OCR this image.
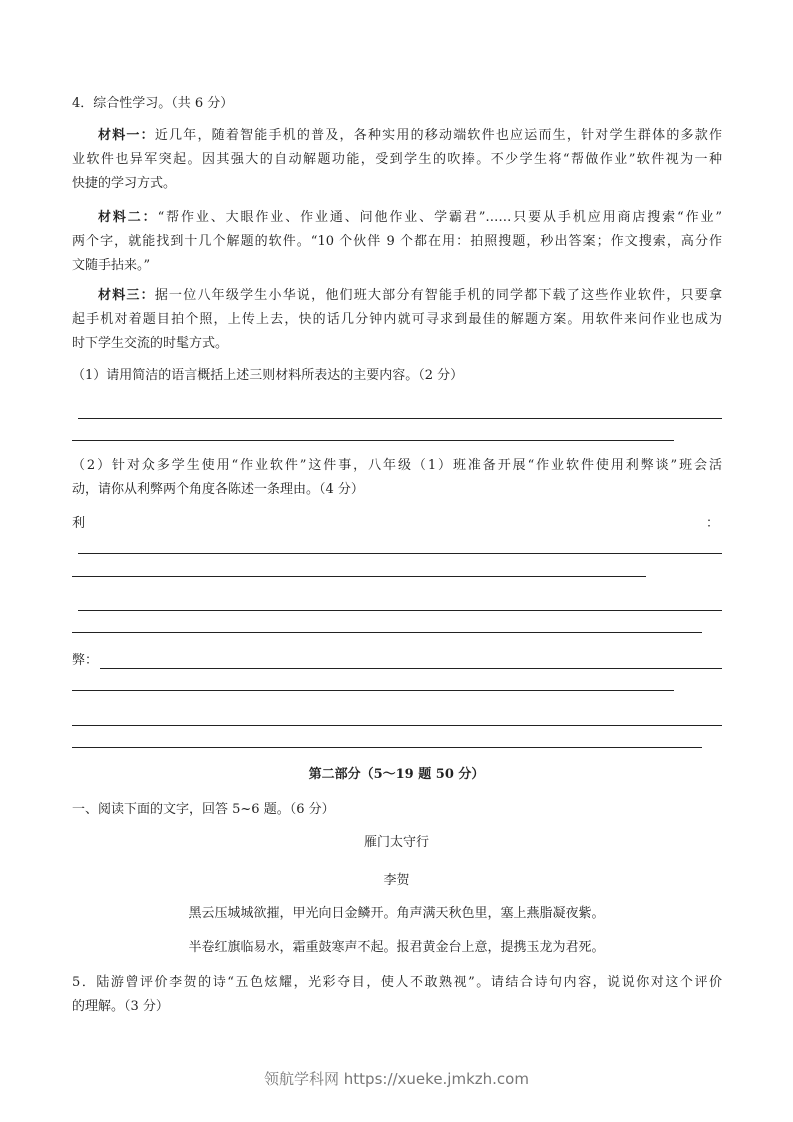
4．综合性学习。（共 6 分）
材料一：近几年，随着智能手机的普及，各种实用的移动端软件也应运而生，针对学生群体的多款作
业软件也异军突起。因其强大的自动解题功能，受到学生的吹捧。不少学生将“帮做作业”软件视为一种
快捷的学习方式。
材料二：“帮作业、大眼作业、作业通、问他作业、学霸君”……只要从手机应用商店搜索“作业”
两个字，就能找到十几个解题的软件。“10 个伙伴 9 个都在用：拍照搜题，秒出答案；作文搜索，高分作
文随手拈来。”
材料三：据一位八年级学生小华说，他们班大部分有智能手机的同学都下载了这些作业软件，只要拿
起手机对着题目拍个照，上传上去，快的话几分钟内就可寻求到最佳的解题方案。用软件来问作业也成为
时下学生交流的时髦方式。
（1）请用简洁的语言概括上述三则材料所表达的主要内容。（2 分）
（2）针对众多学生使用“作业软件”这件事，八年级（1）班准备开展“作业软件使用利弊谈”班会活
动，请你从利弊两个角度各陈述一条理由。（4 分）
利	：
弊：
第二部分（5～19 题 50 分）
一、阅读下面的文字，回答 5~6 题。（6 分）
雁门太守行
李贺
黑云压城城欲摧，甲光向日金鳞开。角声满天秋色里，塞上燕脂凝夜紫。
半卷红旗临易水，霜重鼓寒声不起。报君黄金台上意，提携玉龙为君死。
5．陆游曾评价李贺的诗“五色炫耀，光彩夺目，使人不敢熟视”。请结合诗句内容，说说你对这个评价
的理解。（3 分）
领航学科网 https://xueke.jmkzh.com
